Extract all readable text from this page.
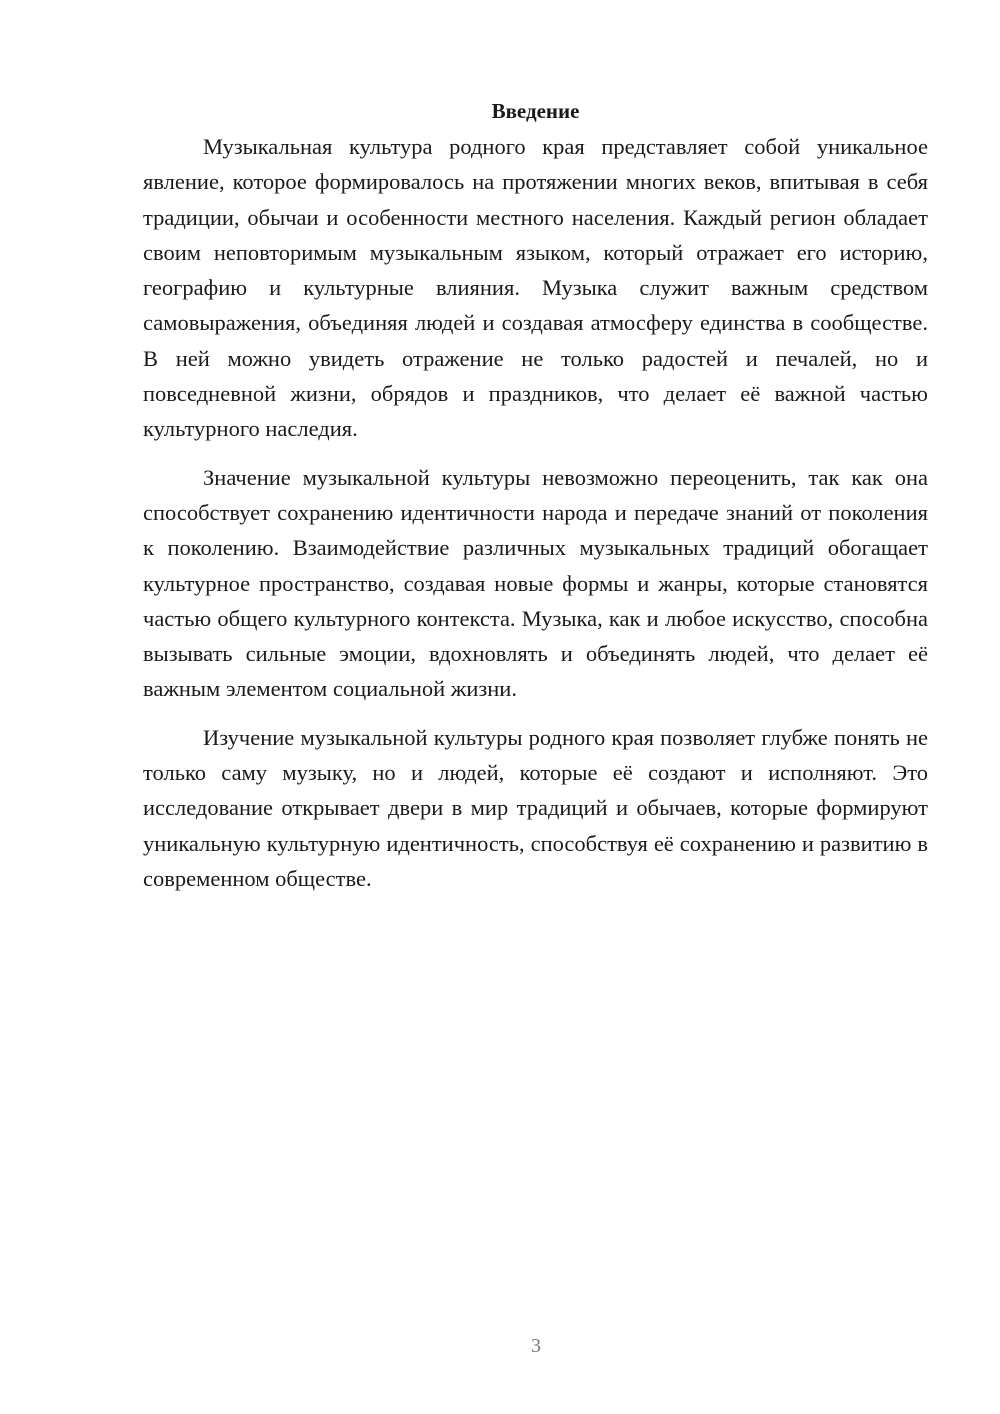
Введение

Музыкальная культура родного края представляет собой уникальное явление, которое формировалось на протяжении многих веков, впитывая в себя традиции, обычаи и особенности местного населения. Каждый регион обладает своим неповторимым музыкальным языком, который отражает его историю, географию и культурные влияния. Музыка служит важным средством самовыражения, объединяя людей и создавая атмосферу единства в сообществе. В ней можно увидеть отражение не только радостей и печалей, но и повседневной жизни, обрядов и праздников, что делает её важной частью культурного наследия.

Значение музыкальной культуры невозможно переоценить, так как она способствует сохранению идентичности народа и передаче знаний от поколения к поколению. Взаимодействие различных музыкальных традиций обогащает культурное пространство, создавая новые формы и жанры, которые становятся частью общего культурного контекста. Музыка, как и любое искусство, способна вызывать сильные эмоции, вдохновлять и объединять людей, что делает её важным элементом социальной жизни.

Изучение музыкальной культуры родного края позволяет глубже понять не только саму музыку, но и людей, которые её создают и исполняют. Это исследование открывает двери в мир традиций и обычаев, которые формируют уникальную культурную идентичность, способствуя её сохранению и развитию в современном обществе.

3
